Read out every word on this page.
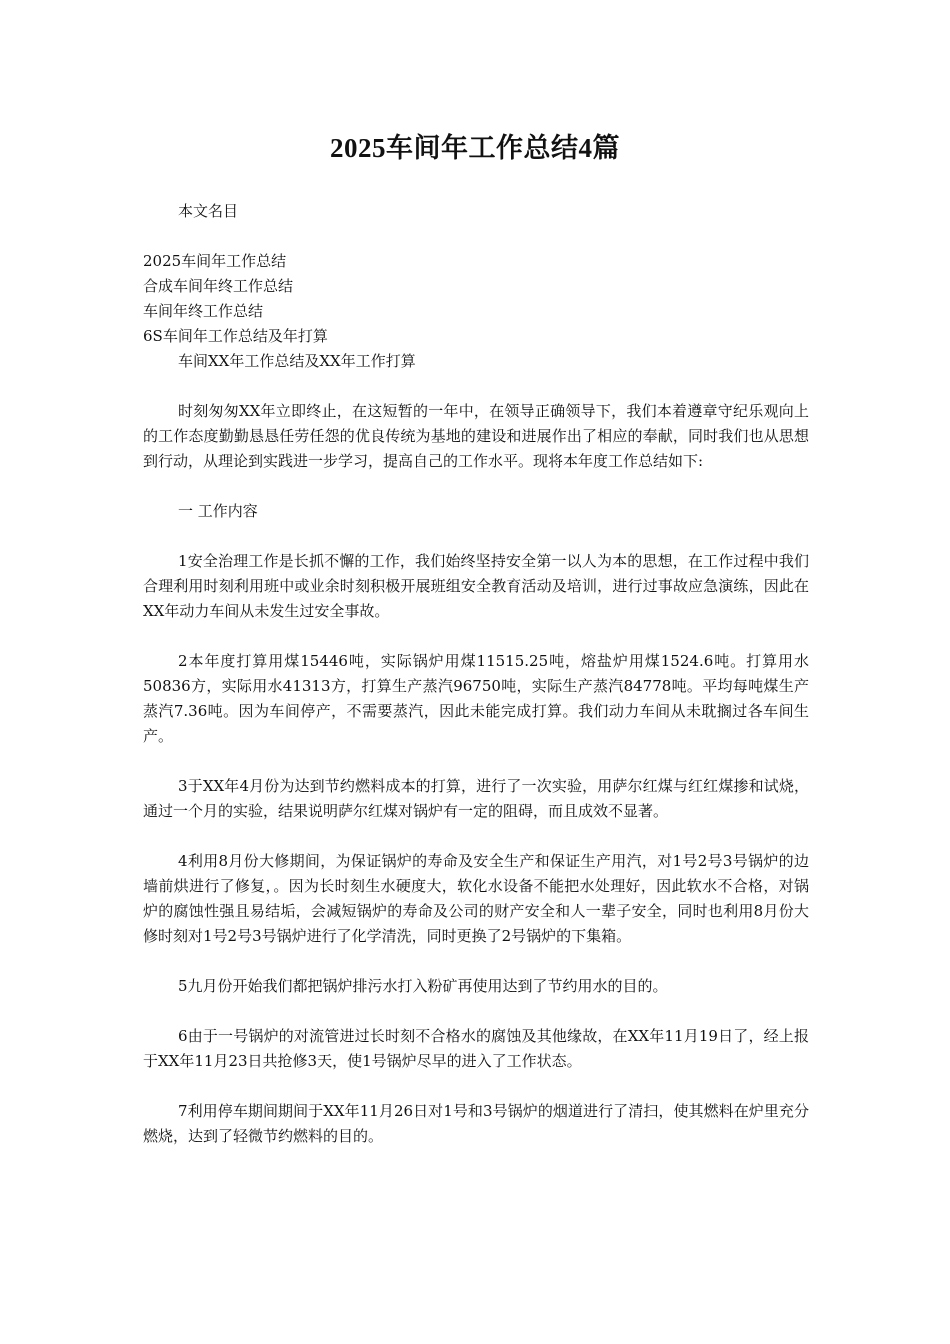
2025车间年工作总结4篇

本文名目

2025车间年工作总结

合成车间年终工作总结

车间年终工作总结

6S车间年工作总结及年打算

车间XX年工作总结及XX年工作打算

时刻匆匆XX年立即终止，在这短暂的一年中，在领导正确领导下，我们本着遵章守纪乐观向上的工作态度勤勤恳恳任劳任怨的优良传统为基地的建设和进展作出了相应的奉献，同时我们也从思想到行动，从理论到实践进一步学习，提高自己的工作水平。现将本年度工作总结如下:

一 工作内容

1安全治理工作是长抓不懈的工作，我们始终坚持安全第一以人为本的思想，在工作过程中我们合理利用时刻利用班中或业余时刻积极开展班组安全教育活动及培训，进行过事故应急演练，因此在XX年动力车间从未发生过安全事故。

2本年度打算用煤15446吨，实际锅炉用煤11515.25吨，熔盐炉用煤1524.6吨。打算用水50836方，实际用水41313方，打算生产蒸汽96750吨，实际生产蒸汽84778吨。平均每吨煤生产蒸汽7.36吨。因为车间停产，不需要蒸汽，因此未能完成打算。我们动力车间从未耽搁过各车间生产。

3于XX年4月份为达到节约燃料成本的打算，进行了一次实验，用萨尔红煤与红红煤掺和试烧，通过一个月的实验，结果说明萨尔红煤对锅炉有一定的阻碍，而且成效不显著。

4利用8月份大修期间，为保证锅炉的寿命及安全生产和保证生产用汽，对1号2号3号锅炉的边墙前烘进行了修复，。因为长时刻生水硬度大，软化水设备不能把水处理好，因此软水不合格，对锅炉的腐蚀性强且易结垢，会减短锅炉的寿命及公司的财产安全和人一辈子安全，同时也利用8月份大修时刻对1号2号3号锅炉进行了化学清洗，同时更换了2号锅炉的下集箱。

5九月份开始我们都把锅炉排污水打入粉矿再使用达到了节约用水的目的。

6由于一号锅炉的对流管进过长时刻不合格水的腐蚀及其他缘故，在XX年11月19日了，经上报于XX年11月23日共抢修3天，使1号锅炉尽早的进入了工作状态。

7利用停车期间期间于XX年11月26日对1号和3号锅炉的烟道进行了清扫，使其燃料在炉里充分燃烧，达到了轻微节约燃料的目的。
